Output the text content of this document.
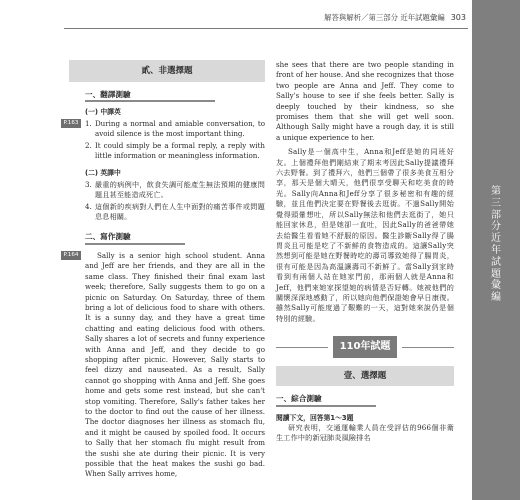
第
三
部
分
近
年
試
題
彙
編
解答與解析／第三部分 近年試題彙編 303
貳、非選擇題
一、翻譯測驗
(一) 中譯英
P.163 1. During a normal and amiable conversation, to avoid silence is the most important thing.
2. It could simply be a formal reply, a reply with little information or meaningless information.
(二) 英譯中
3. 嚴重的病例中，飲食失調可能產生無法預期的健康問題且甚至能造成死亡。
4. 這個新的疾病對人們在人生中面對的痛苦事件或問題息息相關。
二、寫作測驗
P.164	Sally is a senior high school student. Anna and Jeff are her friends, and they are all in the same class. They finished their final exam last week; therefore, Sally suggests them to go on a picnic on Saturday. On Saturday, three of them bring a lot of delicious food to share with others. It is a sunny day, and they have a great time chatting and eating delicious food with others. Sally shares a lot of secrets and funny experience with Anna and Jeff, and they decide to go shopping after picnic. However, Sally starts to feel dizzy and nauseated. As a result, Sally cannot go shopping with Anna and Jeff. She goes home and gets some rest instead, but she can't stop vomiting. Therefore, Sally's father takes her to the doctor to find out the cause of her illness. The doctor diagnoses her illness as stomach flu, and it might be caused by spoiled food. It occurs to Sally that her stomach flu might result from the sushi she ate during their picnic. It is very possible that the heat makes the sushi go bad. When Sally arrives home,
she sees that there are two people standing in front of her house. And she recognizes that those two people are Anna and Jeff. They come to Sally's house to see if she feels better. Sally is deeply touched by their kindness, so she promises them that she will get well soon. Although Sally might have a rough day, it is still a unique experience to her.
Sally是一個高中生，Anna和Jeff是她的同班好友。上個禮拜他們剛結束了期末考因此Sally提議禮拜六去野餐。到了禮拜六，他們三個帶了很多美食互相分享，那天是個大晴天，他們很享受聊天和吃美食的時光。Sally向Anna和Jeff分享了很多秘密和有趣的經驗，並且他們決定要在野餐後去逛街。不過Sally開始覺得頭暈想吐，所以Sally無法和他們去逛街了，她只能回家休息，但是她卻一直吐，因此Sally的爸爸帶她去給醫生看看她不舒服的原因。醫生診斷Sally得了腸胃炎且可能是吃了不新鮮的食物造成的。這讓Sally突然想到可能是她在野餐時吃的壽司導致她得了腸胃炎，很有可能是因為高溫讓壽司不新鮮了。當Sally到家時看到有兩個人站在她家門前，那兩個人就是Anna和Jeff，他們來她家探望她的病情是否好轉。她被他們的關懷深深地感動了，所以她向他們保證她會早日康復。雖然Sally可能度過了艱難的一天，這對她來說仍是個特別的經驗。
110年試題
壹、選擇題
一、綜合測驗
閱讀下文，回答第1～3題
研究表明，交通運輸業人員在受評估的966個非衛生工作中的新冠肺炎風險排名
